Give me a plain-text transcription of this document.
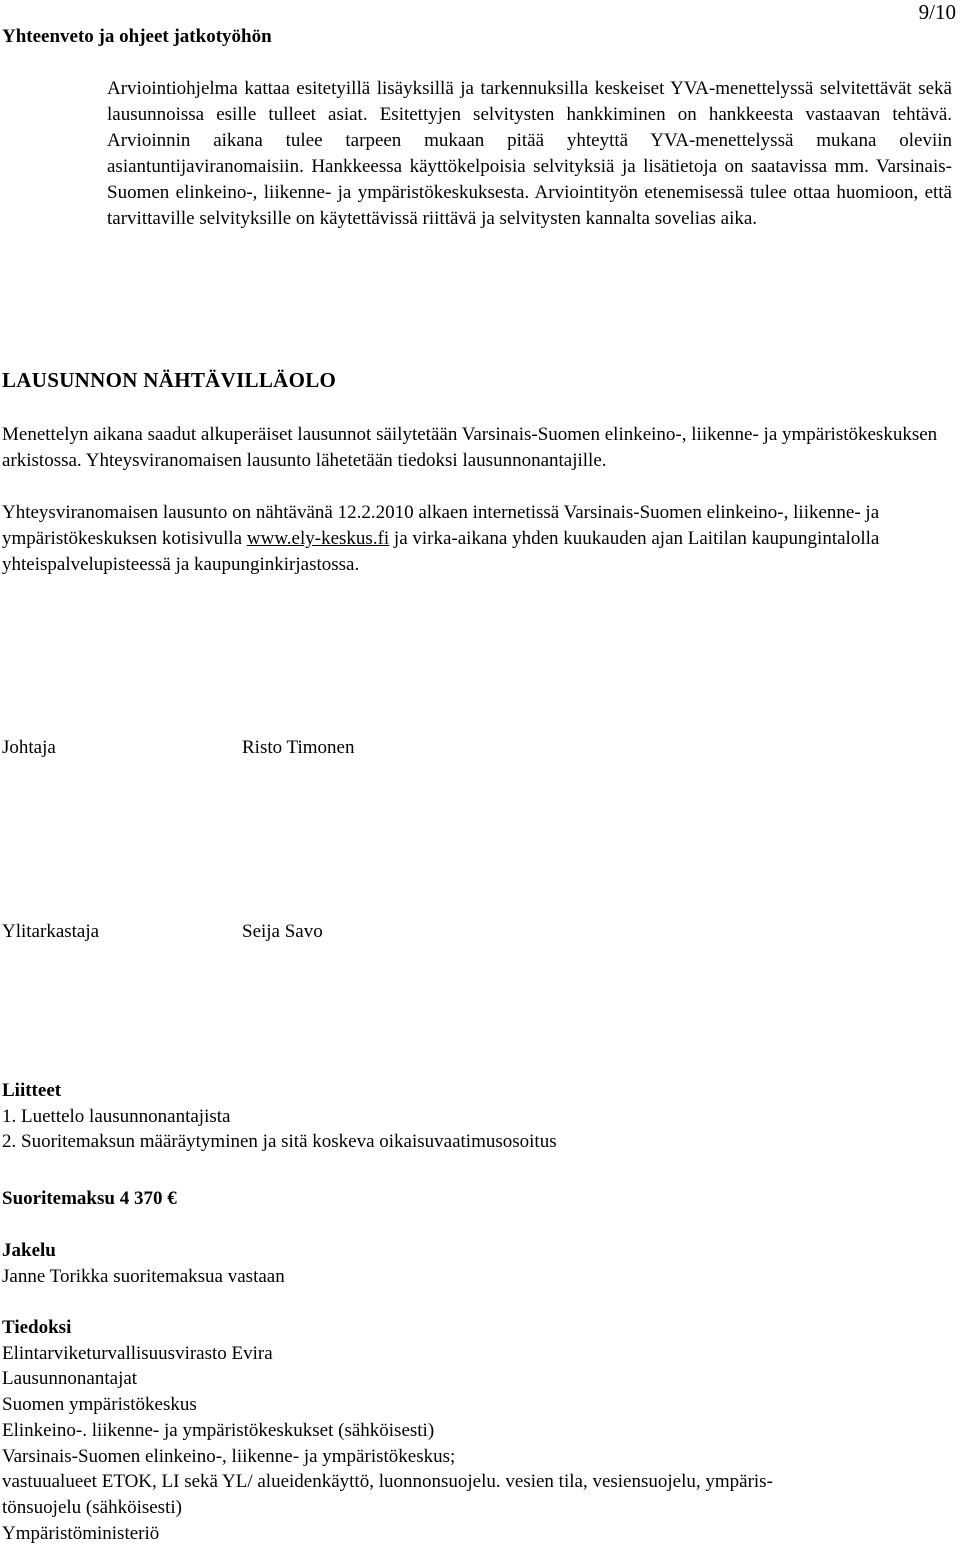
Yhteenveto ja ohjeet jatkotyöhön
9/10

Arviointiohjelma kattaa esitetyillä lisäyksillä ja tarkennuksilla keskeiset YVA-menettelyssä selvitettävät sekä lausunnoissa esille tulleet asiat. Esitettyjen selvitysten hankkiminen on hankkeesta vastaavan tehtävä. Arvioinnin aikana tulee tarpeen mukaan pitää yhteyttä YVA-menettelyssä mukana oleviin asiantuntijaviranomaisiin. Hankkeessa käyttökelpoisia selvityksiä ja lisätietoja on saatavissa mm. Varsinais-Suomen elinkeino-, liikenne- ja ympäristökeskuksesta. Arviointityön etenemisessä tulee ottaa huomioon, että tarvittaville selvityksille on käytettävissä riittävä ja selvitysten kannalta sovelias aika.

LAUSUNNON NÄHTÄVILLÄOLO

Menettelyn aikana saadut alkuperäiset lausunnot säilytetään Varsinais-Suomen elinkeino-, liikenne- ja ympäristökeskuksen arkistossa. Yhteysviranomaisen lausunto lähetetään tiedoksi lausunnonantajille.

Yhteysviranomaisen lausunto on nähtävänä 12.2.2010 alkaen internetissä Varsinais-Suomen elinkeino-, liikenne- ja ympäristökeskuksen kotisivulla www.ely-keskus.fi ja virka-aikana yhden kuukauden ajan Laitilan kaupungintalolla yhteispalvelupisteessä ja kaupunginkirjastossa.

Johtaja	Risto Timonen
Ylitarkastaja	Seija Savo
Liitteet
1. Luettelo lausunnonantajista
2. Suoritemaksun määräytyminen ja sitä koskeva oikaisuvaatimusosoitus
Suoritemaksu 4 370 €
Jakelu
Janne Torikka suoritemaksua vastaan
Tiedoksi
Elintarviketurvallisuusvirasto Evira
Lausunnonantajat
Suomen ympäristökeskus
Elinkeino-. liikenne- ja ympäristökeskukset (sähköisesti)
Varsinais-Suomen elinkeino-, liikenne- ja ympäristökeskus;
vastuualueet ETOK, LI sekä YL/ alueidenkäyttö, luonnonsuojelu. vesien tila, vesiensuojelu, ympäris-
tönsuojelu (sähköisesti)
Ympäristöministeriö
